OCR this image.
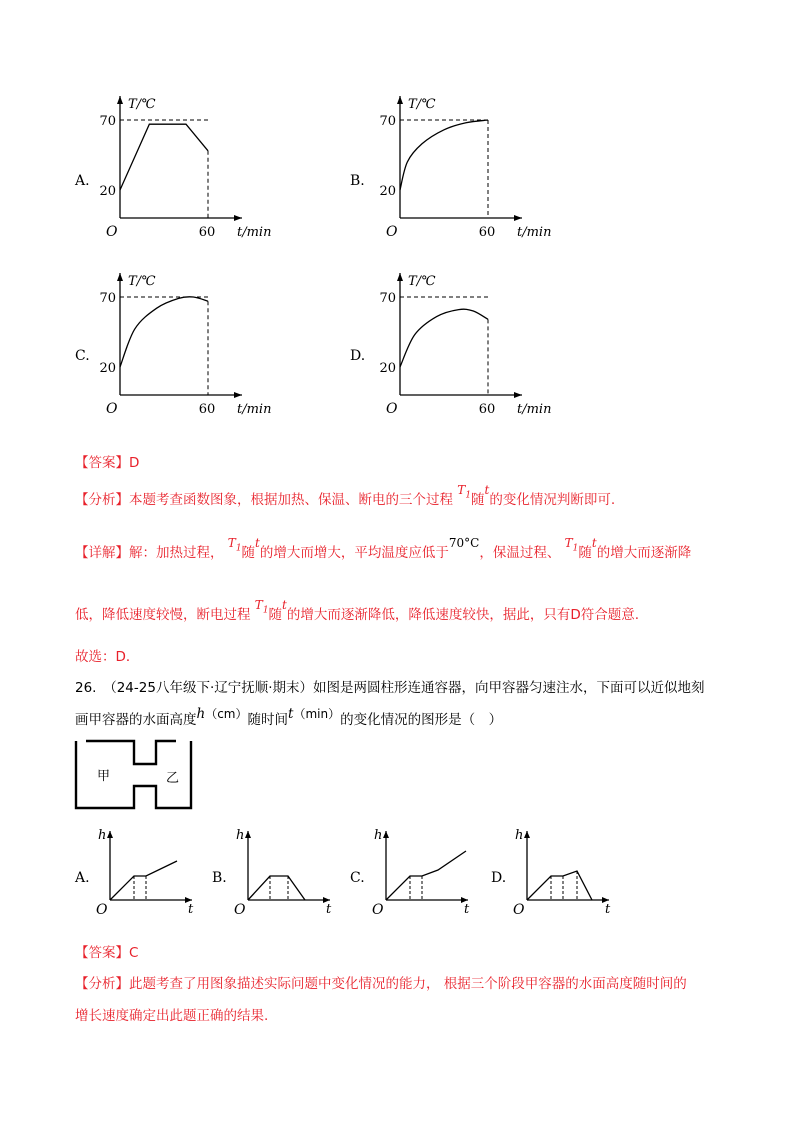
A.	B.
C.	D.
T/℃
t/min
70
20
60
O
T/℃
t/min
70
20
60
O
T/℃
t/min
70
20
60
O
T/℃
t/min
70
20
60
O
【答案】D
【分析】本题考查函数图象，根据加热、保温、断电的三个过程 $T_1$随t的变化情况判断即可.
【详解】解：加热过程， $T_1$随t的增大而增大，平均温度应低于70°C，保温过程、 $T_1$随t的增大而逐渐降
低，降低速度较慢，断电过程 $T_1$随t的增大而逐渐降低，降低速度较快，据此，只有D符合题意.
故选：D．
26.　（24-25八年级下·辽宁抚顺·期末）如图是两圆柱形连通容器，向甲容器匀速注水，下面可以近似地刻
画甲容器的水面高度h（cm）随时间t（min）的变化情况的图形是（　）
甲	乙
A.	B.	C.	D.
h
t
O
h
t
O
h
t
O
h
t
O
【答案】C
【分析】此题考查了用图象描述实际问题中变化情况的能力， 根据三个阶段甲容器的水面高度随时间的
增长速度确定出此题正确的结果.
